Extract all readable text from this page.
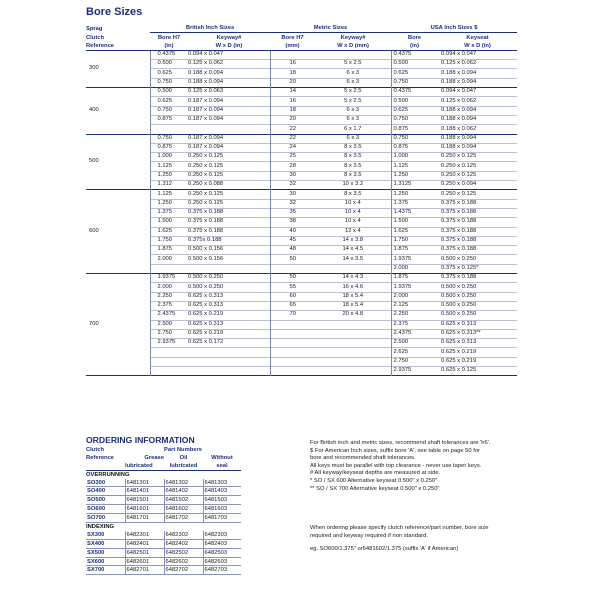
Bore Sizes
Sprag	British Inch Sizes		Metric Sizes		USA Inch Sizes $	
Clutch	Bore H7	Keyway#	Bore H7	Keyway#	Bore	Keyseat
Reference	(in)	W x D (in)	(mm)	W x D (mm)	(in)	W x D (in)
300	0.4375	0.094 x 0.047			0.4375	0.094 x 0.047
	0.500	0.125 x 0.062	16	5 x 2.5	0.500	0.125 x 0.062
	0.625	0.188 x 0.094	18	6 x 3	0.625	0.188 x 0.094
	0.750	0.188 x 0.094	20	6 x 3	0.750	0.188 x 0.094
400	0.500	0.125 x 0.063	14	5 x 2.5	0.4375	0.094 x 0.047
	0.625	0.187 x 0.094	16	5 x 2.5	0.500	0.125 x 0.062
	0.750	0.187 x 0.094	18	6 x 3	0.625	0.188 x 0.094
	0.875	0.187 x 0.094	20	6 x 3	0.750	0.188 x 0.094
			22	6 x 1.7	0.875	0.188 x 0.062
500	0.750	0.187 x 0.094	22	6 x 3	0.750	0.188 x 0.094
	0.875	0.187 x 0.094	24	8 x 3.5	0.875	0.188 x 0.094
	1.000	0.250 x 0.125	25	8 x 3.5	1.000	0.250 x 0.125
	1.125	0.250 x 0.125	28	8 x 3.5	1.125	0.250 x 0.125
	1.250	0.250 x 0.125	30	8 x 3.5	1.250	0.250 x 0.125
	1.312	0.250 x 0.088	32	10 x 3.2	1.3125	0.250 x 0.094
600	1.125	0.250 x 0.125	30	8 x 3.5	1.250	0.250 x 0.125
	1.250	0.250 x 0.125	32	10 x 4	1.375	0.375 x 0.188
	1.375	0.375 x 0.188	35	10 x 4	1.4375	0.375 x 0.188
	1.500	0.375 x 0.188	38	10 x 4	1.500	0.375 x 0.188
	1.625	0.375 x 0.188	40	12 x 4	1.625	0.375 x 0.188
	1.750	0.375x 0.188	45	14 x 3.8	1.750	0.375 x 0.188
	1.875	0.500 x 0.156	48	14 x 4.5	1.875	0.375 x 0.188
	2.000	0.500 x 0.156	50	14 x 3.5	1.9375	0.500 x 0.250
					2.000	0.375 x 0.125*
700	1.9375	0.500 x 0.250	50	14 x 4.3	1.875	0.375 x 0.188
	2.000	0.500 x 0.250	55	16 x 4.6	1.9375	0.500 x 0.250
	2.250	0.625 x 0.313	60	18 x 5.4	2.000	0.500 x 0.250
	2.375	0.625 x 0.313	65	18 x 5.4	2.125	0.500 x 0.250
	2.4375	0.625 x 0.219	70	20 x 4.8	2.250	0.500 x 0.250
	2.500	0.625 x 0.313			2.375	0.625 x 0.313
	2.750	0.625 x 0.219			2.4375	0.625 x 0.313**
	2.9375	0.625 x 0.172			2.500	0.625 x 0.313
					2.625	0.625 x 0.219
					2.750	0.625 x 0.219
					2.9375	0.625 x 0.125
ORDERING INFORMATION
Clutch	Part Numbers		
Reference	Grease	Oil	Without
	lubricated	lubricated	seal
OVERRUNNING			
SO300	6481301	6481302	6481303
SO400	6481401	6481402	6481403
SO500	6481501	6481502	6481503
SO600	6481601	6481602	6481603
SO700	6481701	6481702	6481703
INDEXING			
SX300	6482301	6482302	6482303
SX400	6482401	6482402	6482403
SX500	6482501	6482502	6482503
SX600	6482601	6482602	6482603
SX700	6482701	6482702	6482703

For British inch and metric sizes, recommend shaft tolerances are 'h6'.

$ For American Inch sizes, suffix bore 'A', see table on page 50 for

bore and recommended shaft tolerances.

All keys must be parallel with top clearance - never use taper keys.

# All keyway/keyseat depths are measured at side.

* SO / SX 600 Alternative keyseat 0.500" x 0.250"

** SO / SX 700 Alternative keyseat 0.500" x 0.250"

When ordering please specify clutch reference/part number, bore size

required and keyway required if non standard.

eg. SO600/1.375" or6481602/1.375 (suffix 'A' if American)
